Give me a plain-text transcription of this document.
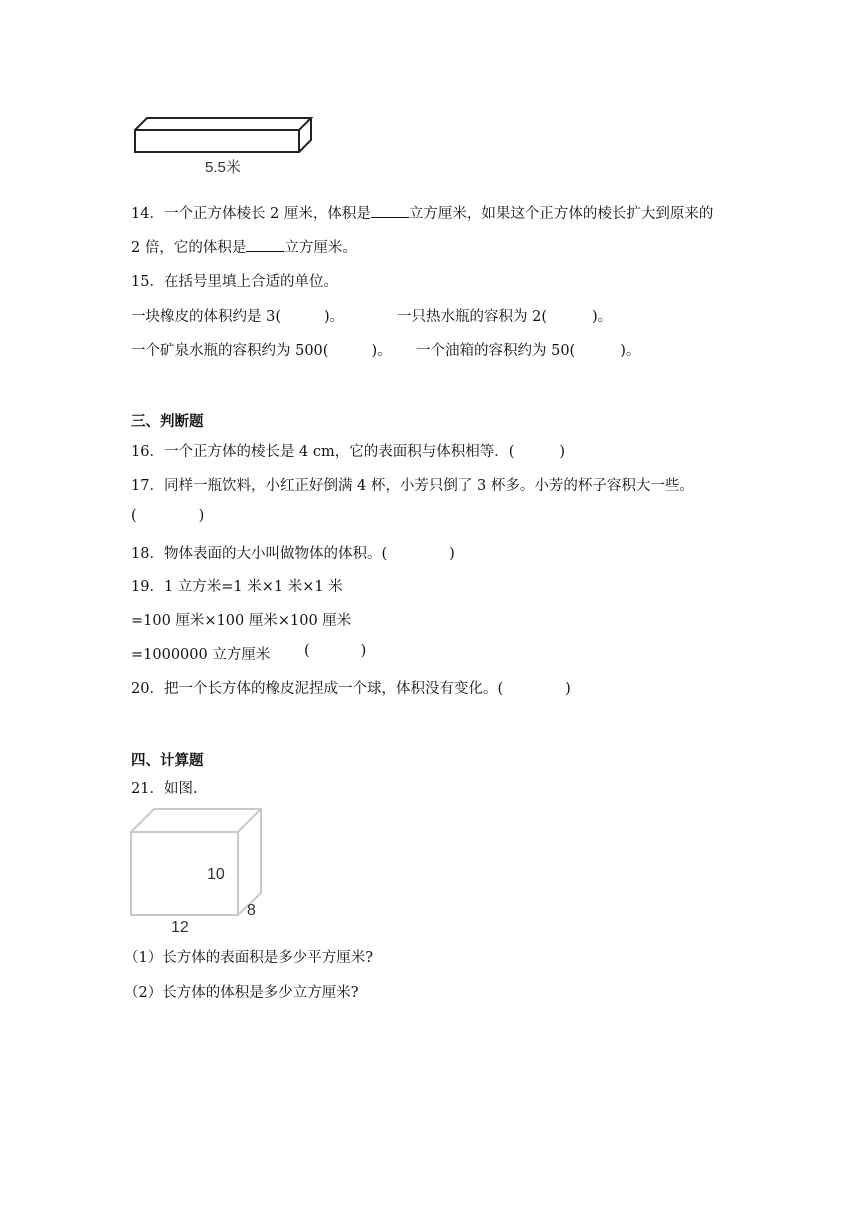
5.5米
14．一个正方体棱长 2 厘米，体积是	立方厘米，如果这个正方体的棱长扩大到原来的
2 倍，它的体积是	立方厘米。
15．在括号里填上合适的单位。
一块橡皮的体积约是 3(	)。	一只热水瓶的容积为 2(	)。
一个矿泉水瓶的容积约为 500(	)。 一个油箱的容积约为 50(	)。
三、判断题
16．一个正方体的棱长是 4 cm，它的表面积与体积相等．(	)
17．同样一瓶饮料，小红正好倒满 4 杯，小芳只倒了 3 杯多。小芳的杯子容积大一些。
(	)
18．物体表面的大小叫做物体的体积。(	)
19．1 立方米=1 米×1 米×1 米
=100 厘米×100 厘米×100 厘米
=1000000 立方厘米 (	)
20．把一个长方体的橡皮泥捏成一个球，体积没有变化。(	)
四、计算题
21．如图.
10
8
12
（1）长方体的表面积是多少平方厘米?
（2）长方体的体积是多少立方厘米?
